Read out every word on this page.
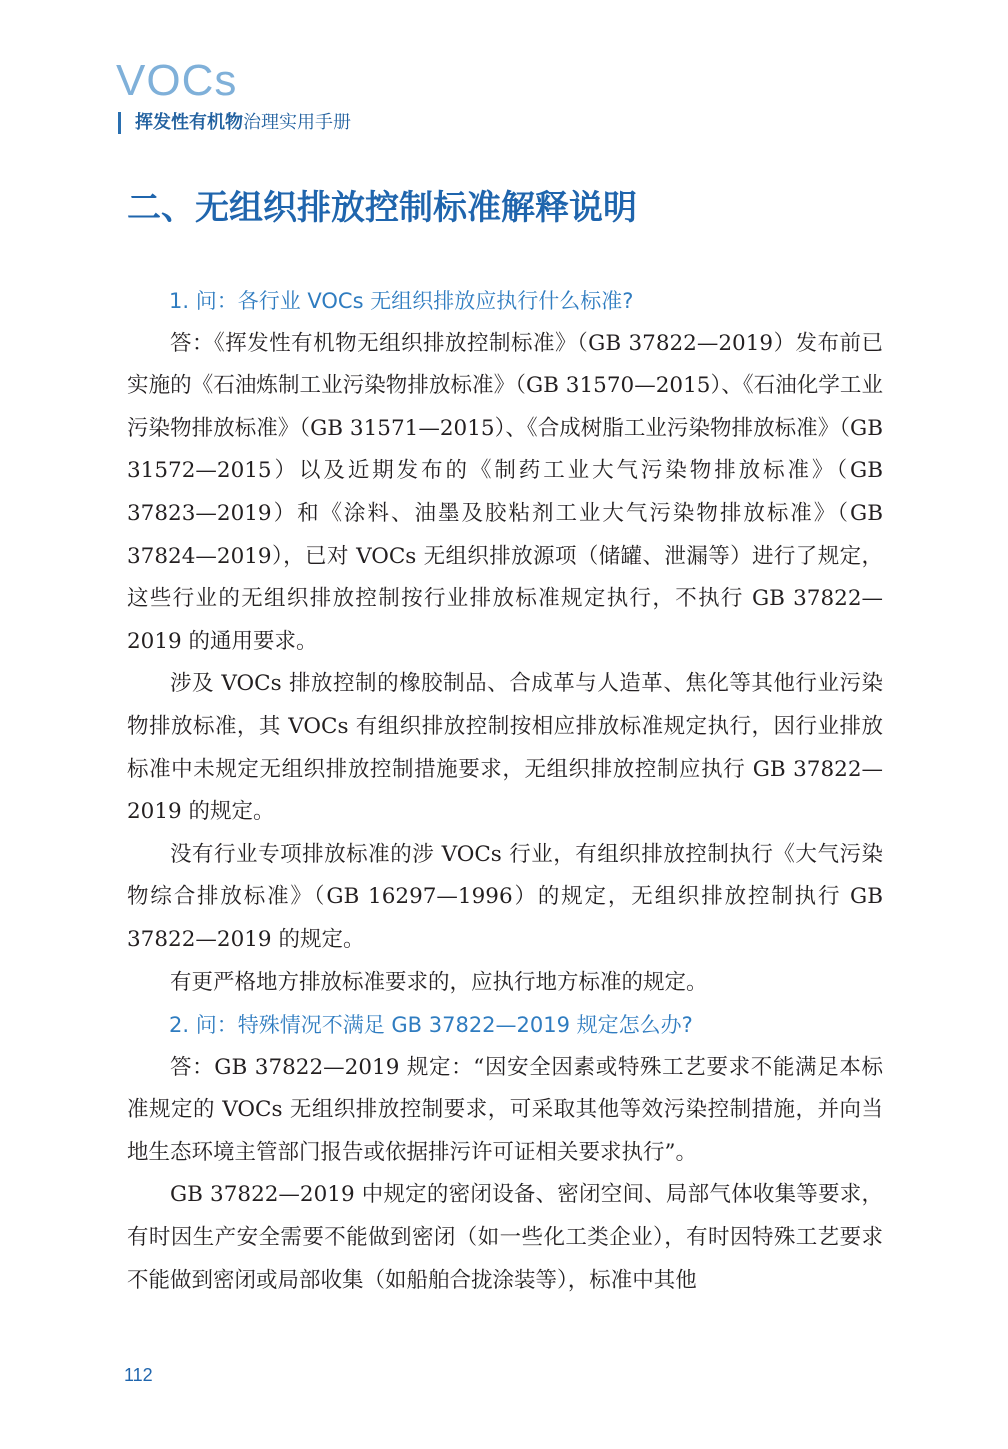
VOCs
挥发性有机物 治理实用手册
二、无组织排放控制标准解释说明

1. 问：各行业 VOCs 无组织排放应执行什么标准?

答：《挥发性有机物无组织排放控制标准》（GB 37822—2019）发布前已实施的《石油炼制工业污染物排放标准》（GB 31570—2015）、《石油化学工业污染物排放标准》（GB 31571—2015）、《合成树脂工业污染物排放标准》（GB 31572—2015）以及近期发布的《制药工业大气污染物排放标准》（GB 37823—2019）和《涂料、油墨及胶粘剂工业大气污染物排放标准》（GB 37824—2019），已对 VOCs 无组织排放源项（储罐、泄漏等）进行了规定，这些行业的无组织排放控制按行业排放标准规定执行，不执行 GB 37822—2019 的通用要求。

涉及 VOCs 排放控制的橡胶制品、合成革与人造革、焦化等其他行业污染物排放标准，其 VOCs 有组织排放控制按相应排放标准规定执行，因行业排放标准中未规定无组织排放控制措施要求，无组织排放控制应执行 GB 37822—2019 的规定。

没有行业专项排放标准的涉 VOCs 行业，有组织排放控制执行《大气污染物综合排放标准》（GB 16297—1996）的规定，无组织排放控制执行 GB 37822—2019 的规定。

有更严格地方排放标准要求的，应执行地方标准的规定。

2. 问：特殊情况不满足 GB 37822—2019 规定怎么办?

答：GB 37822—2019 规定：“因安全因素或特殊工艺要求不能满足本标准规定的 VOCs 无组织排放控制要求，可采取其他等效污染控制措施，并向当地生态环境主管部门报告或依据排污许可证相关要求执行”。

GB 37822—2019 中规定的密闭设备、密闭空间、局部气体收集等要求，有时因生产安全需要不能做到密闭（如一些化工类企业），有时因特殊工艺要求不能做到密闭或局部收集（如船舶合拢涂装等），标准中其他

112
